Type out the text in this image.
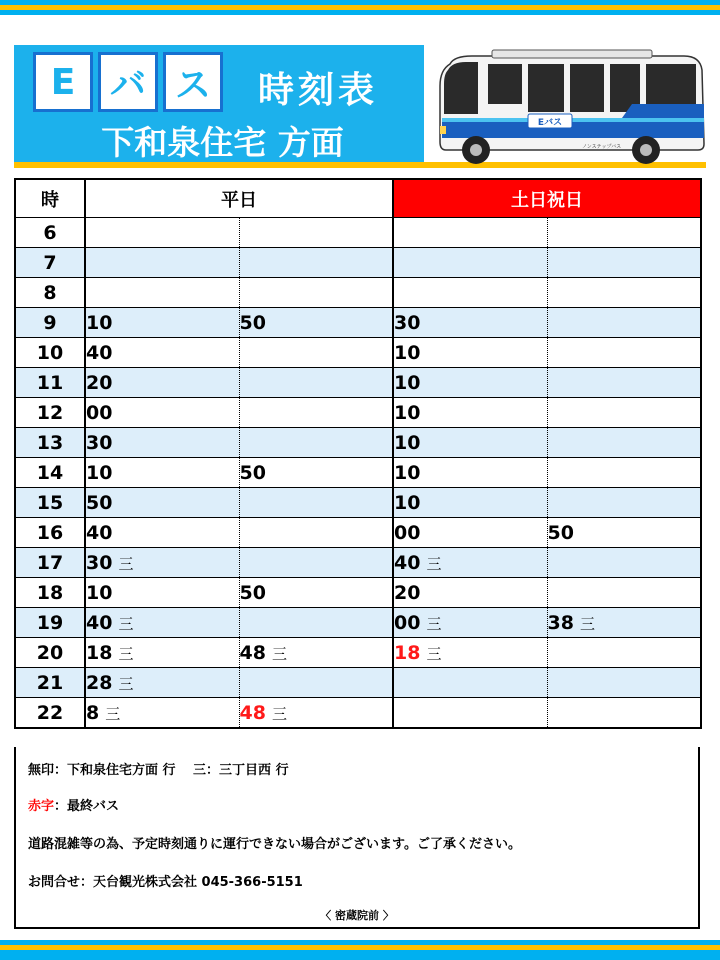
E バ ス	時刻表
下和泉住宅 方面	Eバス
ノンステップバス
時	平日		土日祝日	
6				
7				
8				
9	10	50	30	
10	40		10	
11	20		10	
12	00		10	
13	30		10	
14	10	50	10	
15	50		10	
16	40		00	50
17	30 三		40 三	
18	10	50	20	
19	40 三		00 三	38 三
20	18 三	48 三	18 三	
21	28 三			
22	8 三	48 三		
無印：下和泉住宅方面 行　 三：三丁目西 行
赤字：最終バス
道路混雑等の為、予定時刻通りに運行できない場合がございます。ご了承ください。
お問合せ：天台観光株式会社 045-366-5151
〈 密蔵院前 〉
